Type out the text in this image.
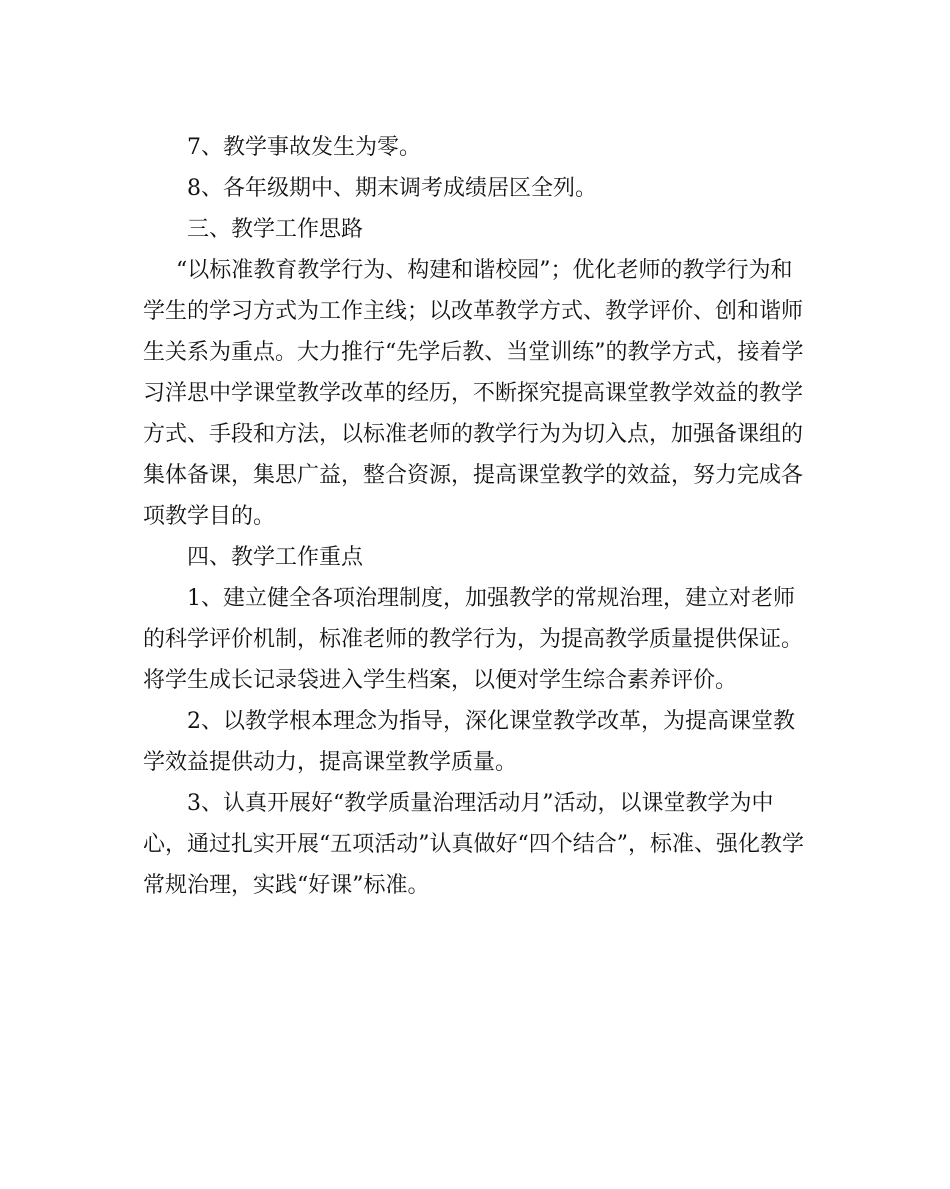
7、教学事故发生为零。

8、各年级期中、期末调考成绩居区全列。

三、教学工作思路

“以标准教育教学行为、构建和谐校园”；优化老师的教学行为和学生的学习方式为工作主线；以改革教学方式、教学评价、创和谐师生关系为重点。大力推行“先学后教、当堂训练”的教学方式，接着学习洋思中学课堂教学改革的经历，不断探究提高课堂教学效益的教学方式、手段和方法，以标准老师的教学行为为切入点，加强备课组的集体备课，集思广益，整合资源，提高课堂教学的效益，努力完成各项教学目的。

四、教学工作重点

1、建立健全各项治理制度，加强教学的常规治理，建立对老师的科学评价机制，标准老师的教学行为，为提高教学质量提供保证。将学生成长记录袋进入学生档案，以便对学生综合素养评价。

2、以教学根本理念为指导，深化课堂教学改革，为提高课堂教学效益提供动力，提高课堂教学质量。

3、认真开展好“教学质量治理活动月”活动，以课堂教学为中心，通过扎实开展“五项活动”认真做好“四个结合”，标准、强化教学常规治理，实践“好课”标准。
